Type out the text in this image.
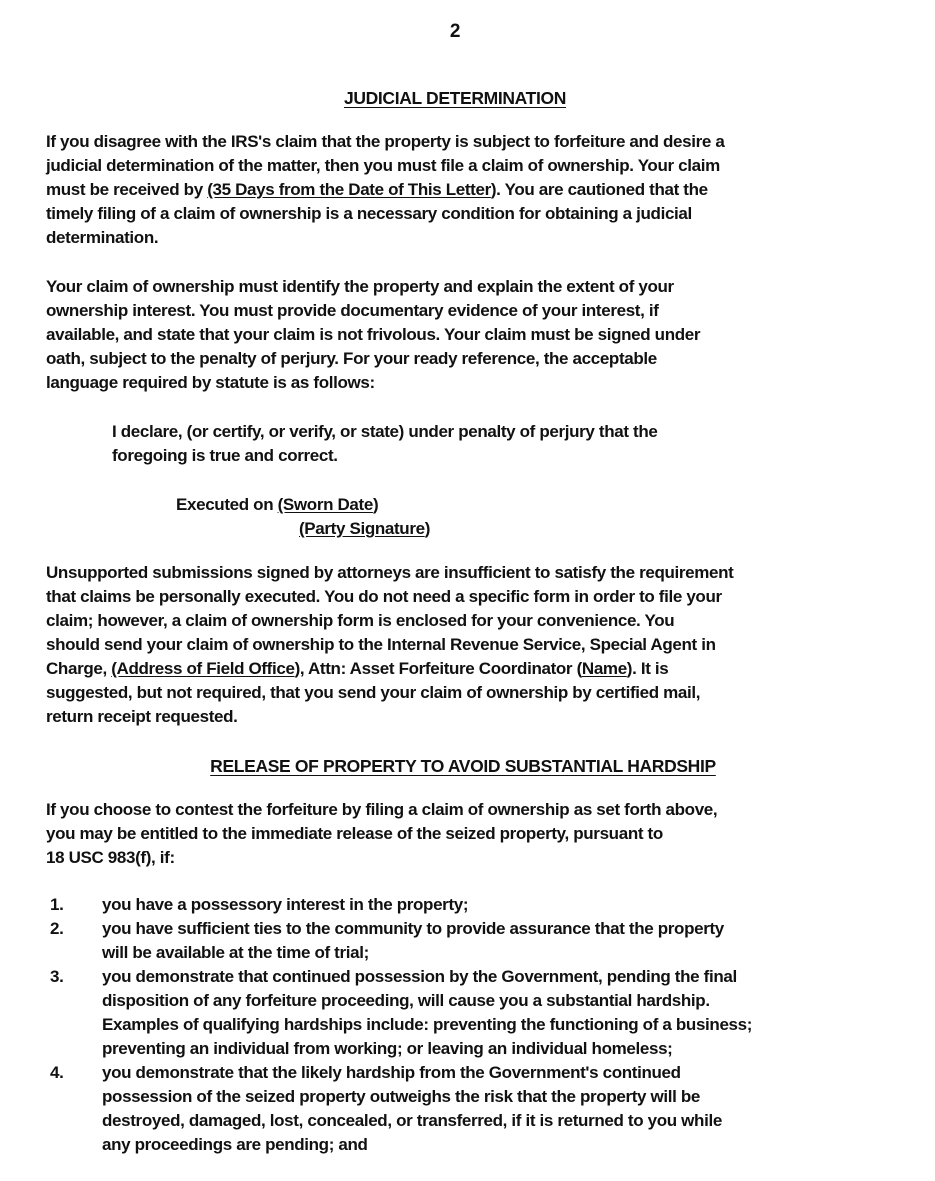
2
JUDICIAL DETERMINATION
If you disagree with the IRS's claim that the property is subject to forfeiture and desire a
judicial determination of the matter, then you must file a claim of ownership. Your claim
must be received by (35 Days from the Date of This Letter). You are cautioned that the
timely filing of a claim of ownership is a necessary condition for obtaining a judicial
determination.
Your claim of ownership must identify the property and explain the extent of your
ownership interest. You must provide documentary evidence of your interest, if
available, and state that your claim is not frivolous. Your claim must be signed under
oath, subject to the penalty of perjury. For your ready reference, the acceptable
language required by statute is as follows:
I declare, (or certify, or verify, or state) under penalty of perjury that the
foregoing is true and correct.
Executed on (Sworn Date)
(Party Signature)
Unsupported submissions signed by attorneys are insufficient to satisfy the requirement
that claims be personally executed. You do not need a specific form in order to file your
claim; however, a claim of ownership form is enclosed for your convenience. You
should send your claim of ownership to the Internal Revenue Service, Special Agent in
Charge, (Address of Field Office), Attn: Asset Forfeiture Coordinator (Name). It is
suggested, but not required, that you send your claim of ownership by certified mail,
return receipt requested.
RELEASE OF PROPERTY TO AVOID SUBSTANTIAL HARDSHIP
If you choose to contest the forfeiture by filing a claim of ownership as set forth above,
you may be entitled to the immediate release of the seized property, pursuant to
18 USC 983(f), if:
1.	you have a possessory interest in the property;
2.	you have sufficient ties to the community to provide assurance that the property
will be available at the time of trial;
3.	you demonstrate that continued possession by the Government, pending the final
disposition of any forfeiture proceeding, will cause you a substantial hardship.
Examples of qualifying hardships include: preventing the functioning of a business;
preventing an individual from working; or leaving an individual homeless;
4.	you demonstrate that the likely hardship from the Government's continued
possession of the seized property outweighs the risk that the property will be
destroyed, damaged, lost, concealed, or transferred, if it is returned to you while
any proceedings are pending; and
